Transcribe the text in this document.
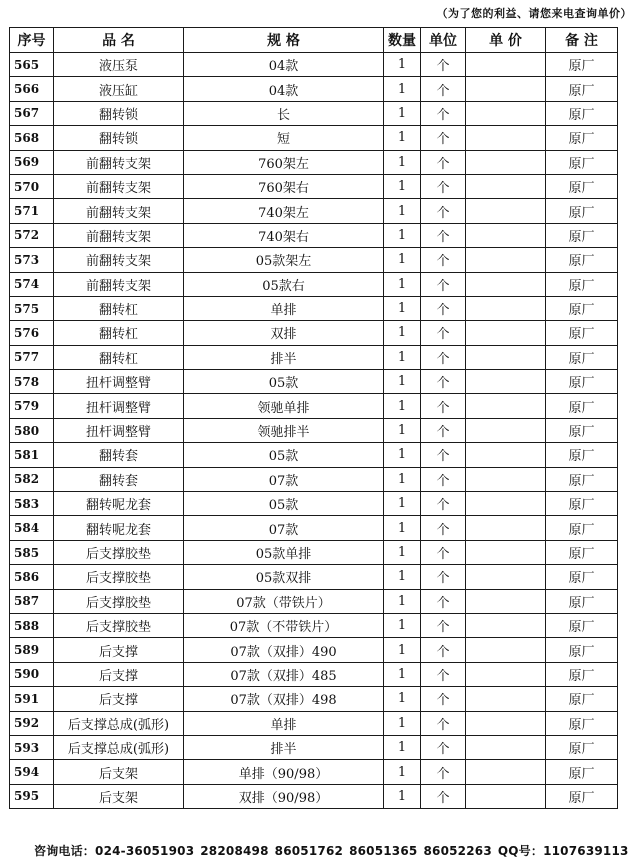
（为了您的利益、请您来电查询单价）
序号	品 名	规 格	数量	单位	单 价	备 注
565	液压泵	04款	1	个		原厂
566	液压缸	04款	1	个		原厂
567	翻转锁	长	1	个		原厂
568	翻转锁	短	1	个		原厂
569	前翻转支架	760架左	1	个		原厂
570	前翻转支架	760架右	1	个		原厂
571	前翻转支架	740架左	1	个		原厂
572	前翻转支架	740架右	1	个		原厂
573	前翻转支架	05款架左	1	个		原厂
574	前翻转支架	05款右	1	个		原厂
575	翻转杠	单排	1	个		原厂
576	翻转杠	双排	1	个		原厂
577	翻转杠	排半	1	个		原厂
578	扭杆调整臂	05款	1	个		原厂
579	扭杆调整臂	领驰单排	1	个		原厂
580	扭杆调整臂	领驰排半	1	个		原厂
581	翻转套	05款	1	个		原厂
582	翻转套	07款	1	个		原厂
583	翻转呢龙套	05款	1	个		原厂
584	翻转呢龙套	07款	1	个		原厂
585	后支撑胶垫	05款单排	1	个		原厂
586	后支撑胶垫	05款双排	1	个		原厂
587	后支撑胶垫	07款（带铁片）	1	个		原厂
588	后支撑胶垫	07款（不带铁片）	1	个		原厂
589	后支撑	07款（双排）490	1	个		原厂
590	后支撑	07款（双排）485	1	个		原厂
591	后支撑	07款（双排）498	1	个		原厂
592	后支撑总成(弧形)	单排	1	个		原厂
593	后支撑总成(弧形)	排半	1	个		原厂
594	后支架	单排（90/98）	1	个		原厂
595	后支架	双排（90/98）	1	个		原厂
咨询电话：024-36051903 28208498 86051762 86051365 86052263 QQ号：1107639113
